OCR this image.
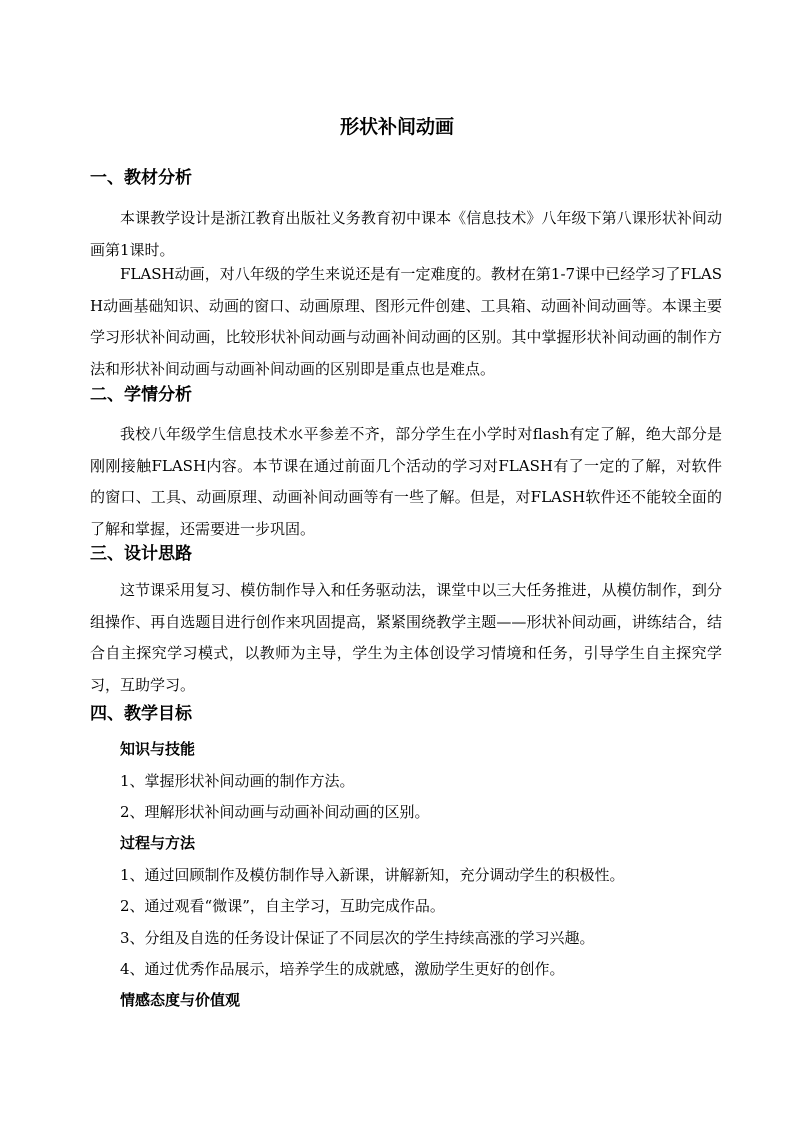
形状补间动画
一、教材分析
本课教学设计是浙江教育出版社义务教育初中课本《信息技术》八年级下第八课形状补间动画第1课时。
FLASH动画，对八年级的学生来说还是有一定难度的。教材在第1-7课中已经学习了FLASH动画基础知识、动画的窗口、动画原理、图形元件创建、工具箱、动画补间动画等。本课主要学习形状补间动画，比较形状补间动画与动画补间动画的区别。其中掌握形状补间动画的制作方法和形状补间动画与动画补间动画的区别即是重点也是难点。
二、学情分析
我校八年级学生信息技术水平参差不齐，部分学生在小学时对flash有定了解，绝大部分是刚刚接触FLASH内容。本节课在通过前面几个活动的学习对FLASH有了一定的了解，对软件的窗口、工具、动画原理、动画补间动画等有一些了解。但是，对FLASH软件还不能较全面的了解和掌握，还需要进一步巩固。
三、设计思路
这节课采用复习、模仿制作导入和任务驱动法，课堂中以三大任务推进，从模仿制作，到分组操作、再自选题目进行创作来巩固提高，紧紧围绕教学主题——形状补间动画，讲练结合，结合自主探究学习模式，以教师为主导，学生为主体创设学习情境和任务，引导学生自主探究学习，互助学习。
四、教学目标
知识与技能
1、掌握形状补间动画的制作方法。
2、理解形状补间动画与动画补间动画的区别。
过程与方法
1、通过回顾制作及模仿制作导入新课，讲解新知，充分调动学生的积极性。
2、通过观看“微课”，自主学习，互助完成作品。
3、分组及自选的任务设计保证了不同层次的学生持续高涨的学习兴趣。
4、通过优秀作品展示，培养学生的成就感，激励学生更好的创作。
情感态度与价值观
